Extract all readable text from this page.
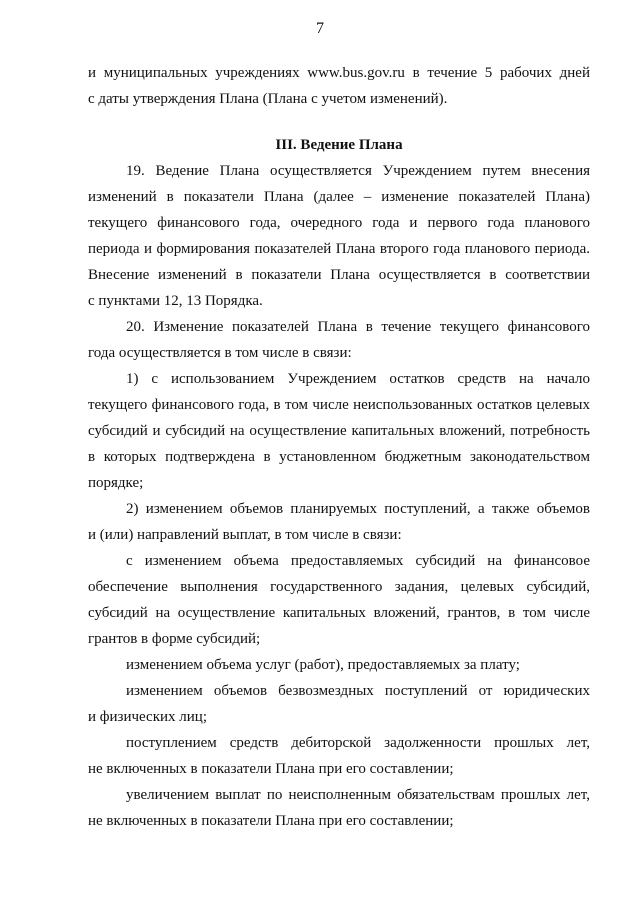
7
и муниципальных учреждениях www.bus.gov.ru в течение 5 рабочих дней
с даты утверждения Плана (Плана с учетом изменений).
III. Ведение Плана
19. Ведение Плана осуществляется Учреждением путем внесения
изменений в показатели Плана (далее – изменение показателей Плана)
текущего финансового года, очередного года и первого года планового
периода и формирования показателей Плана второго года планового периода.
Внесение изменений в показатели Плана осуществляется в соответствии
с пунктами 12, 13 Порядка.
20. Изменение показателей Плана в течение текущего финансового
года осуществляется в том числе в связи:
1) с использованием Учреждением остатков средств на начало
текущего финансового года, в том числе неиспользованных остатков целевых
субсидий и субсидий на осуществление капитальных вложений, потребность
в которых подтверждена в установленном бюджетным законодательством
порядке;
2) изменением объемов планируемых поступлений, а также объемов
и (или) направлений выплат, в том числе в связи:
с изменением объема предоставляемых субсидий на финансовое
обеспечение выполнения государственного задания, целевых субсидий,
субсидий на осуществление капитальных вложений, грантов, в том числе
грантов в форме субсидий;
изменением объема услуг (работ), предоставляемых за плату;
изменением объемов безвозмездных поступлений от юридических
и физических лиц;
поступлением средств дебиторской задолженности прошлых лет,
не включенных в показатели Плана при его составлении;
увеличением выплат по неисполненным обязательствам прошлых лет,
не включенных в показатели Плана при его составлении;
